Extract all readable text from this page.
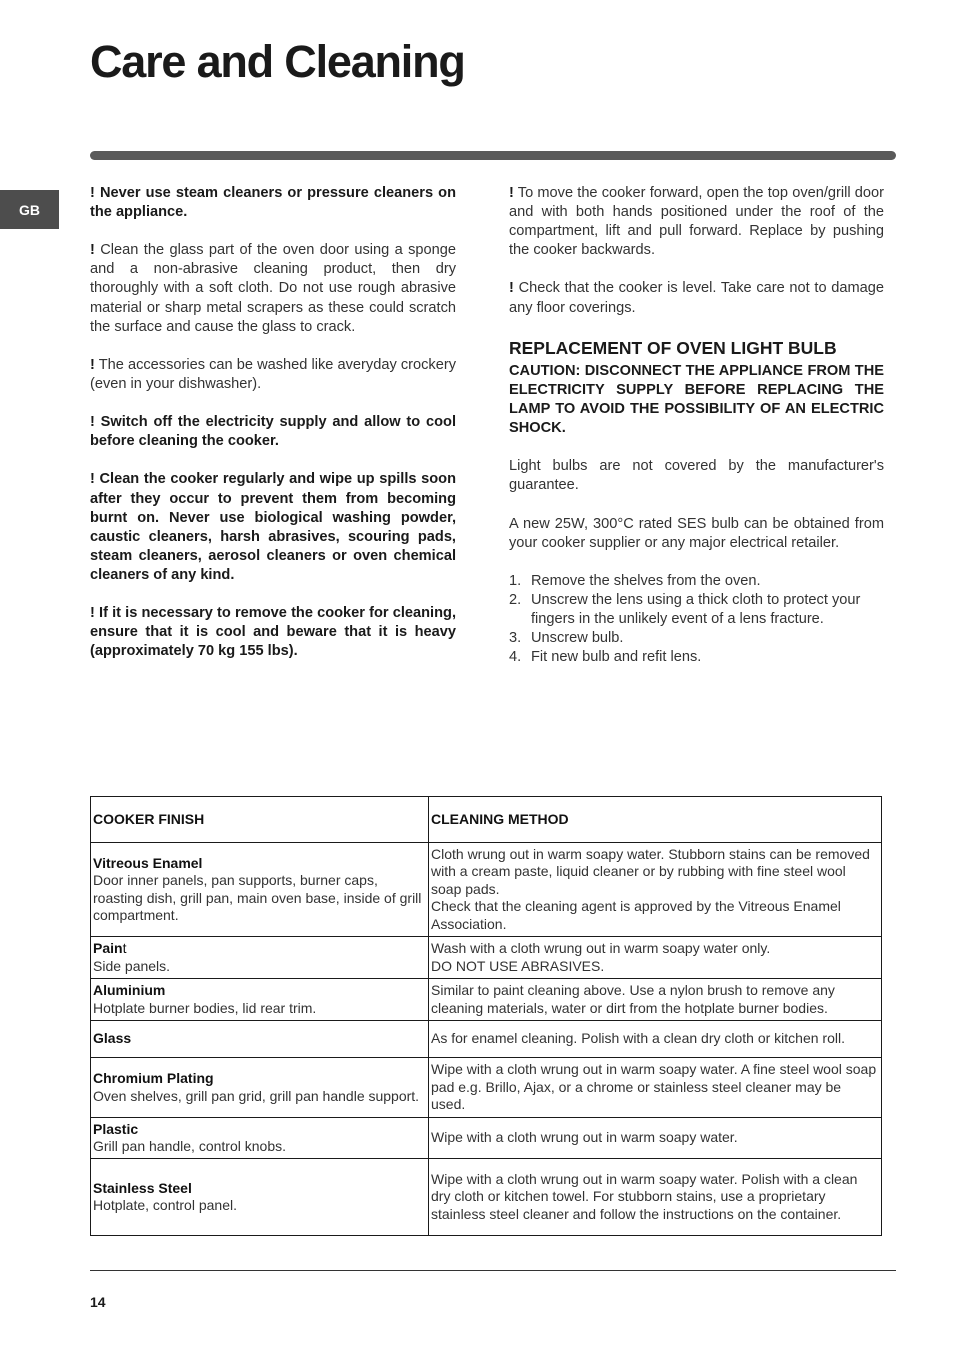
Care and Cleaning
GB

! Never use steam cleaners or pressure cleaners on the appliance.

! Clean the glass part of the oven door using a sponge and a non-abrasive cleaning product, then dry thoroughly with a soft cloth. Do not use rough abrasive material or sharp metal scrapers as these could scratch the surface and cause the glass to crack.

! The accessories can be washed like averyday crockery (even in your dishwasher).

! Switch off the electricity supply and allow to cool before cleaning the cooker.

! Clean the cooker regularly and wipe up spills soon after they occur to prevent them from becoming burnt on. Never use biological washing powder, caustic cleaners, harsh abrasives, scouring pads, steam cleaners, aerosol cleaners or oven chemical cleaners of any kind.

! If it is necessary to remove the cooker for cleaning, ensure that it is cool and beware that it is heavy (approximately 70 kg 155 lbs).

! To move the cooker forward, open the top oven/grill door and with both hands positioned under the roof of the compartment, lift and pull forward. Replace by pushing the cooker backwards.

! Check that the cooker is level. Take care not to damage any floor coverings.

REPLACEMENT OF OVEN LIGHT BULB

CAUTION: DISCONNECT THE APPLIANCE FROM THE ELECTRICITY SUPPLY BEFORE REPLACING THE LAMP TO AVOID THE POSSIBILITY OF AN ELECTRIC SHOCK.

Light bulbs are not covered by the manufacturer's guarantee.

A new 25W, 300°C rated SES bulb can be obtained from your cooker supplier or any major electrical retailer.

1. Remove the shelves from the oven.
2. Unscrew the lens using a thick cloth to protect your fingers in the unlikely event of a lens fracture.
3. Unscrew bulb.
4. Fit new bulb and refit lens.
COOKER FINISH	CLEANING METHOD

Vitreous Enamel
Door inner panels, pan supports, burner caps, roasting dish, grill pan, main oven base, inside of grill compartment.	Cloth wrung out in warm soapy water. Stubborn stains can be removed with a cream paste, liquid cleaner or by rubbing with fine steel wool soap pads.
Check that the cleaning agent is approved by the Vitreous Enamel Association.

Paint
Side panels.	Wash with a cloth wrung out in warm soapy water only.
DO NOT USE ABRASIVES.

Aluminium
Hotplate burner bodies, lid rear trim.	Similar to paint cleaning above. Use a nylon brush to remove any cleaning materials, water or dirt from the hotplate burner bodies.

Glass	As for enamel cleaning. Polish with a clean dry cloth or kitchen roll.

Chromium Plating
Oven shelves, grill pan grid, grill pan handle support.	Wipe with a cloth wrung out in warm soapy water. A fine steel wool soap pad e.g. Brillo, Ajax, or a chrome or stainless steel cleaner may be used.

Plastic
Grill pan handle, control knobs.	Wipe with a cloth wrung out in warm soapy water.

Stainless Steel
Hotplate, control panel.	Wipe with a cloth wrung out in warm soapy water. Polish with a clean dry cloth or kitchen towel. For stubborn stains, use a proprietary stainless steel cleaner and follow the instructions on the container.
14
